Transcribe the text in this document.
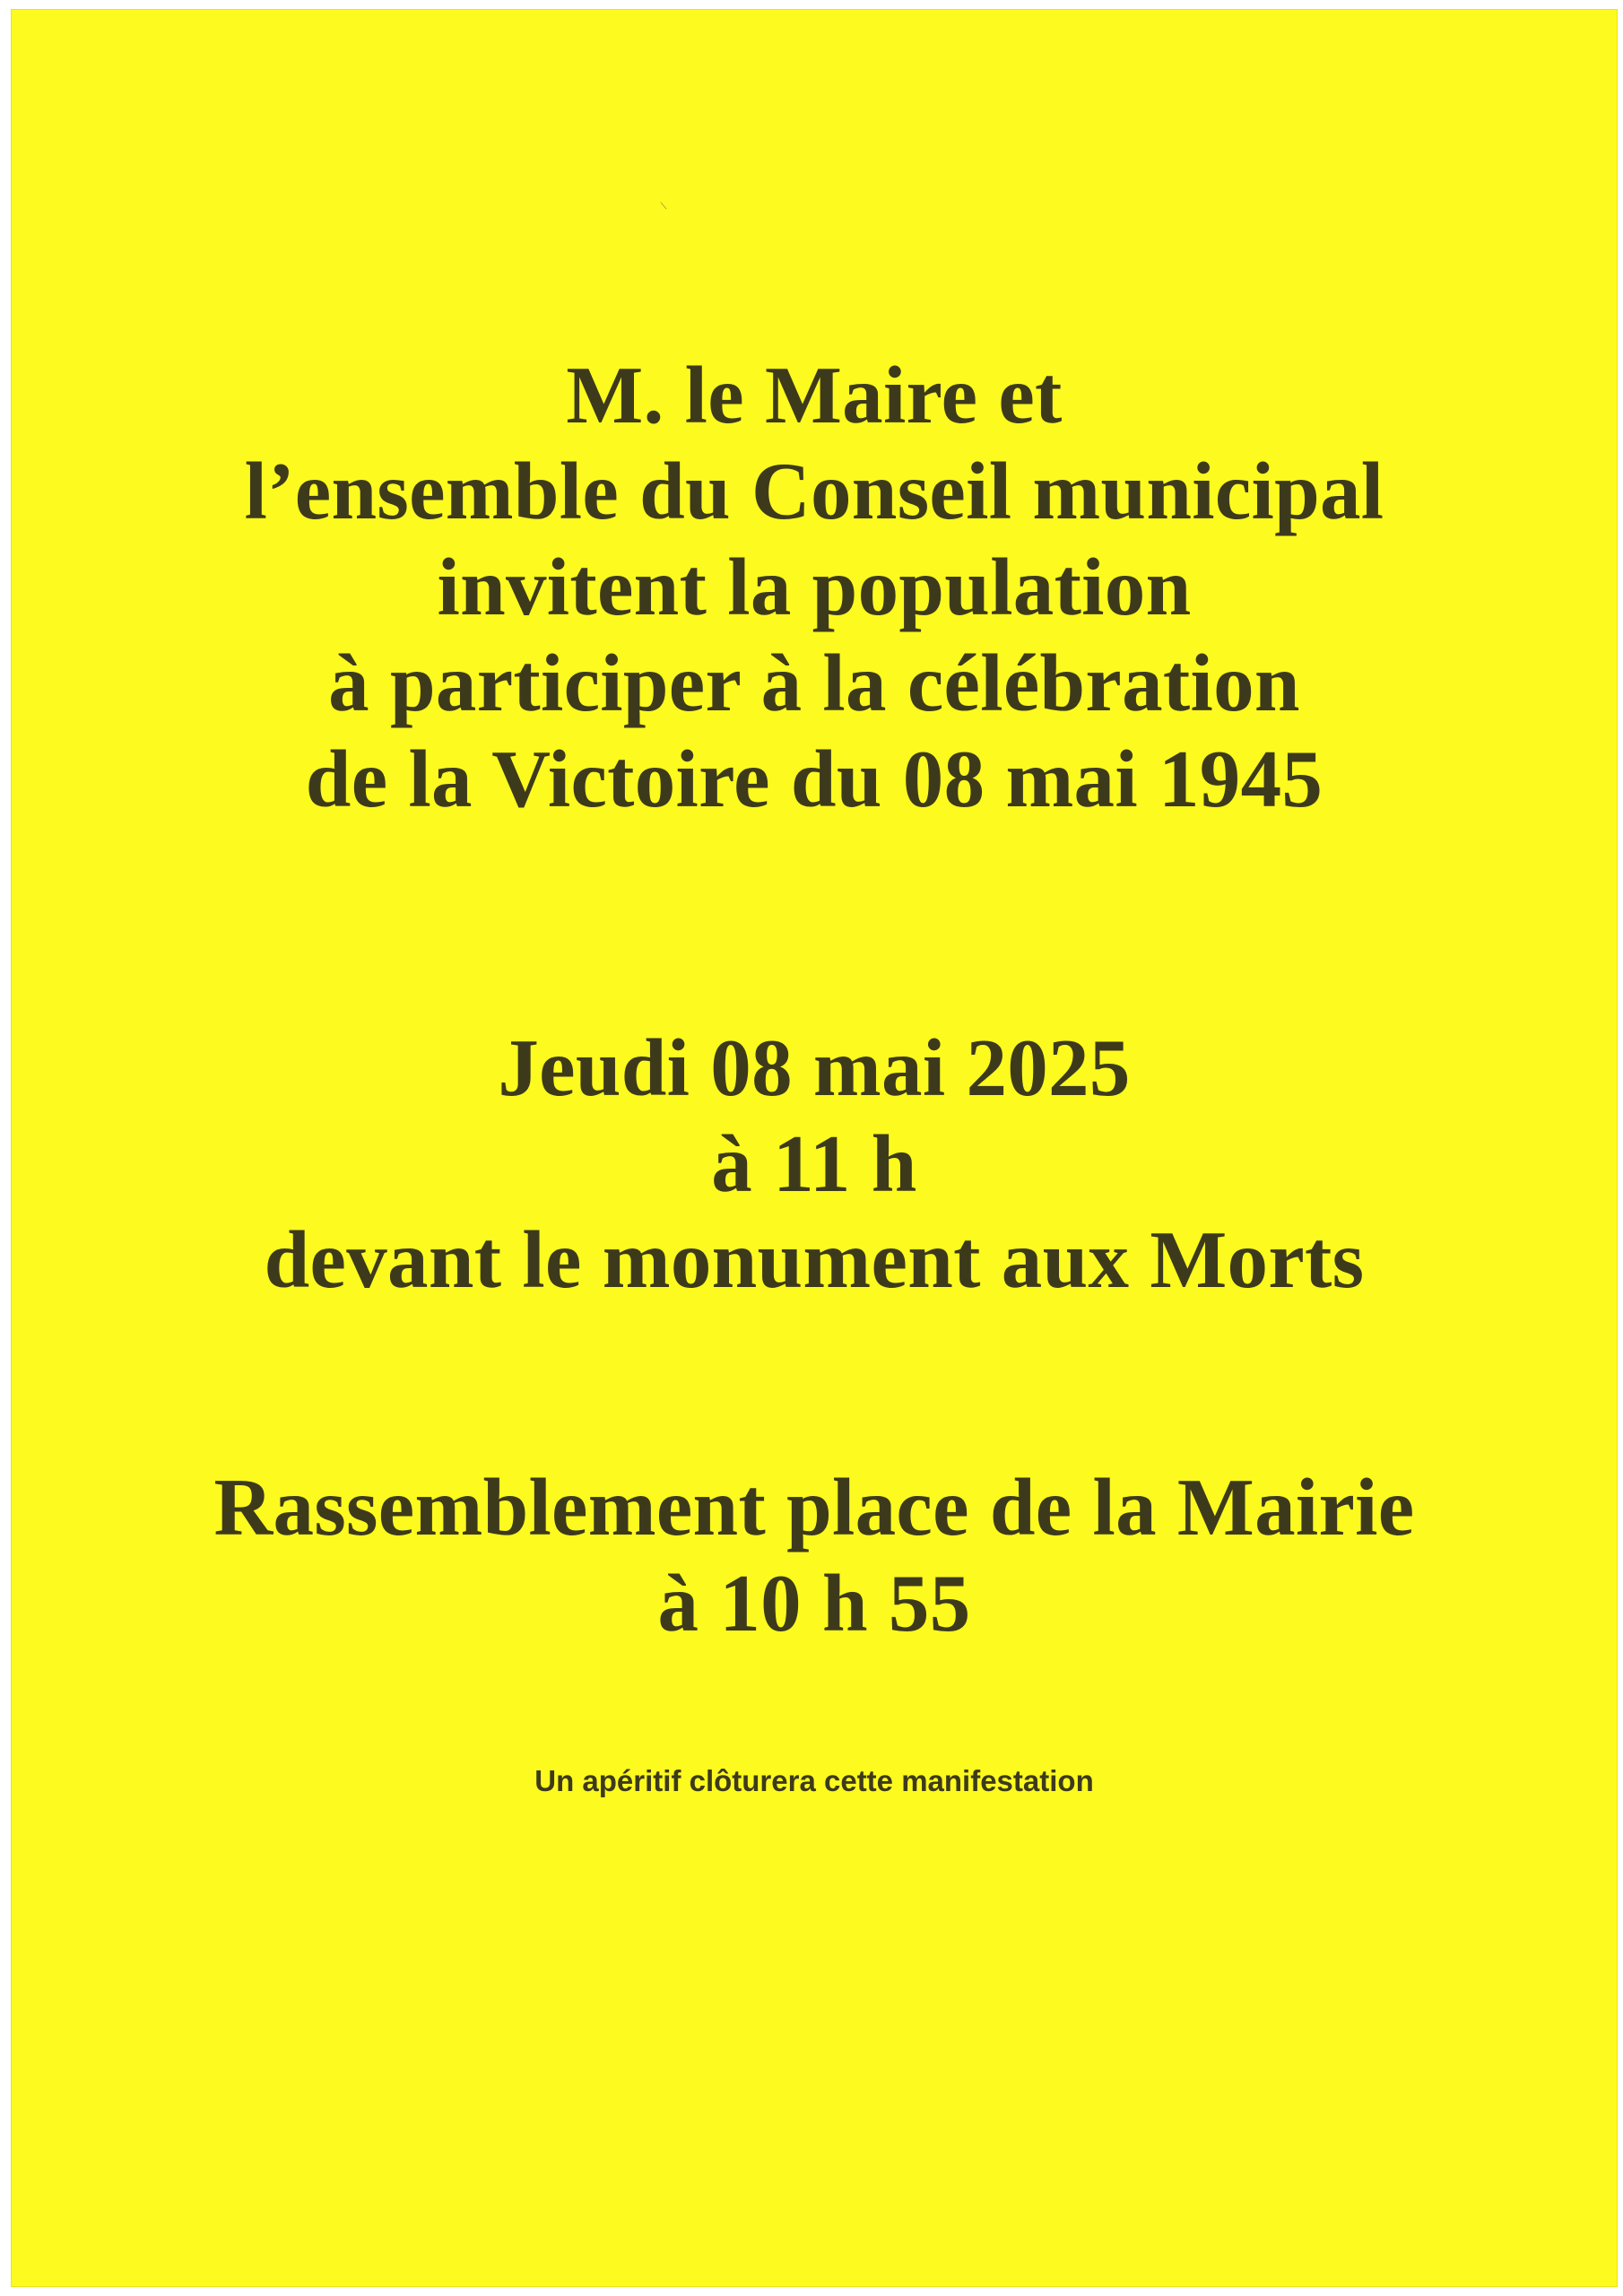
M. le Maire et
l’ensemble du Conseil municipal
invitent la population
à participer à la célébration
de la Victoire du 08 mai 1945
Jeudi 08 mai 2025
à 11 h
devant le monument aux Morts
Rassemblement place de la Mairie
à 10 h 55
Un apéritif clôturera cette manifestation
